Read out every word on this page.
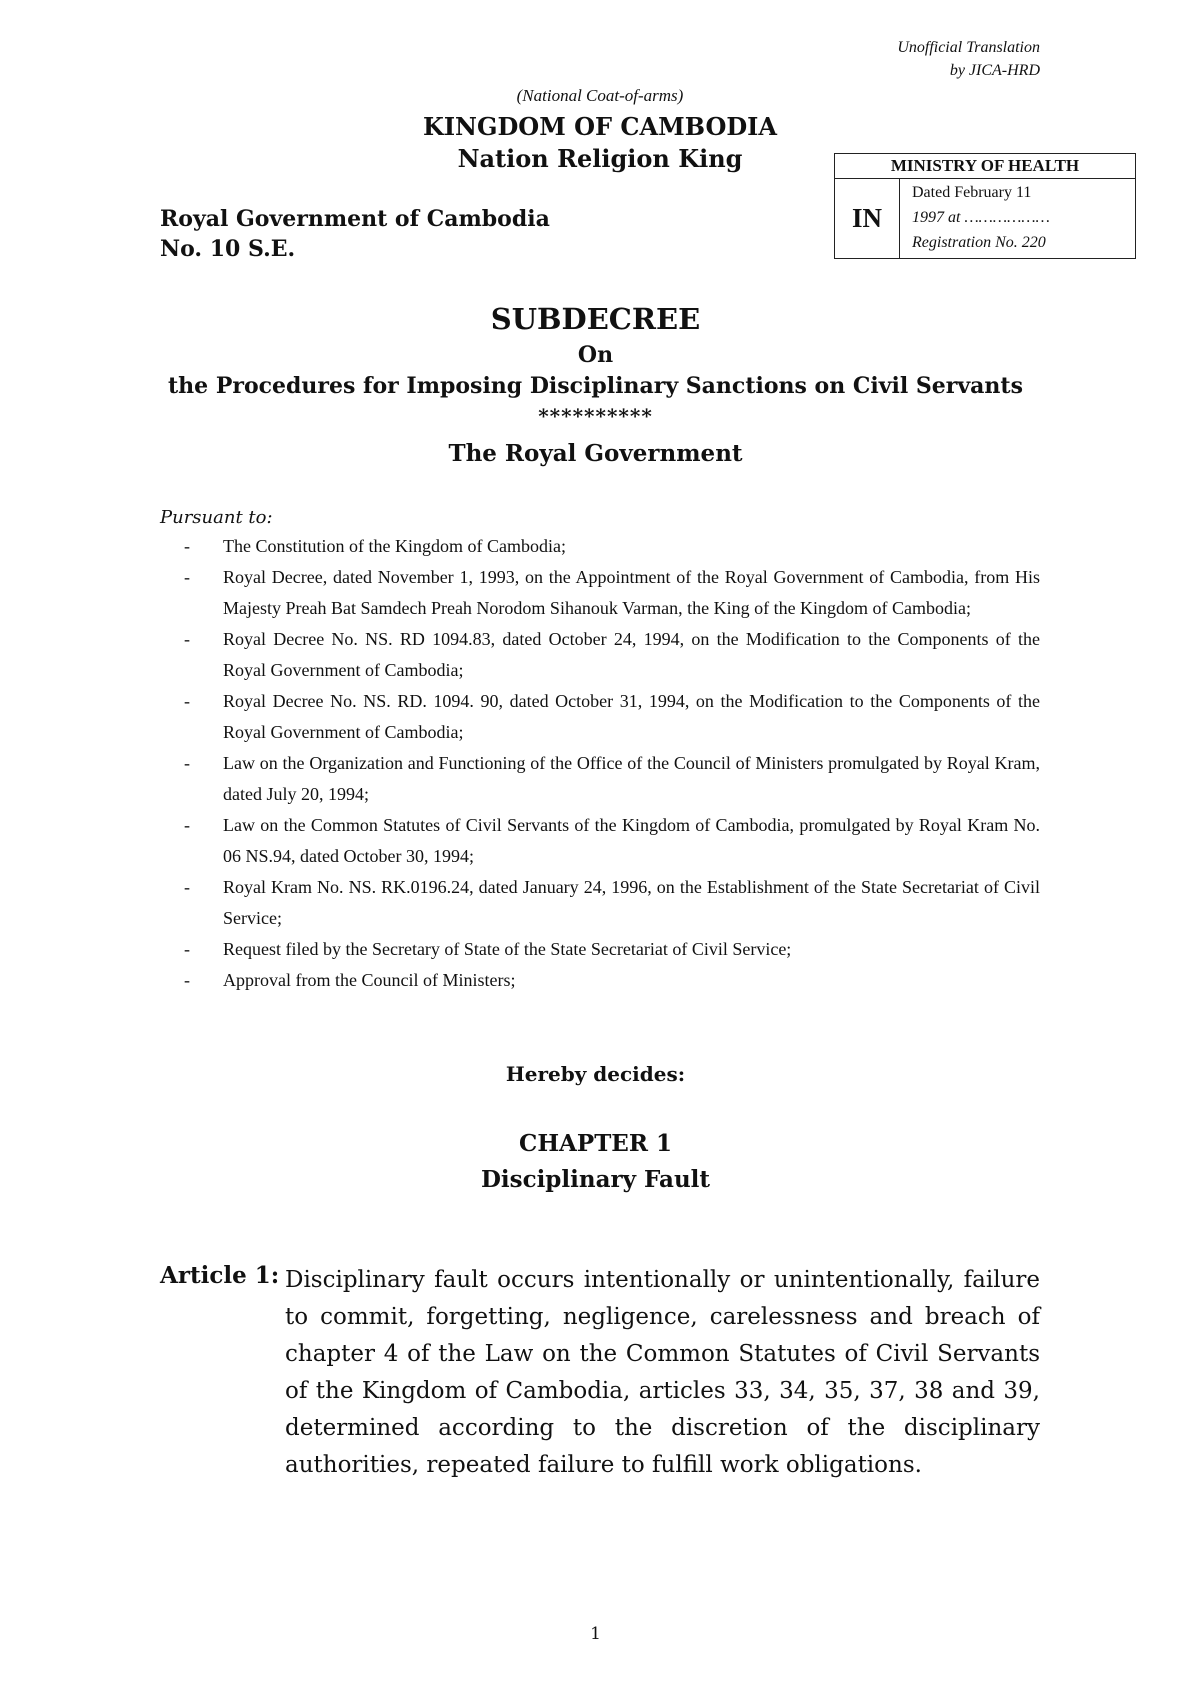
Unofficial Translation
by JICA-HRD
(National Coat-of-arms)
KINGDOM OF CAMBODIA
Nation Religion King	MINISTRY OF HEALTH
IN
Dated February 11
1997 at ………………
Registration No. 220
Royal Government of Cambodia
No. 10 S.E.
SUBDECREE
On
the Procedures for Imposing Disciplinary Sanctions on Civil Servants
**********
The Royal Government
Pursuant to:
- The Constitution of the Kingdom of Cambodia;
- Royal Decree, dated November 1, 1993, on the Appointment of the Royal Government of Cambodia, from His Majesty Preah Bat Samdech Preah Norodom Sihanouk Varman, the King of the Kingdom of Cambodia;
- Royal Decree No. NS. RD 1094.83, dated October 24, 1994, on the Modification to the Components of the Royal Government of Cambodia;
- Royal Decree No. NS. RD. 1094. 90, dated October 31, 1994, on the Modification to the Components of the Royal Government of Cambodia;
- Law on the Organization and Functioning of the Office of the Council of Ministers promulgated by Royal Kram, dated July 20, 1994;
- Law on the Common Statutes of Civil Servants of the Kingdom of Cambodia, promulgated by Royal Kram No. 06 NS.94, dated October 30, 1994;
- Royal Kram No. NS. RK.0196.24, dated January 24, 1996, on the Establishment of the State Secretariat of Civil Service;
- Request filed by the Secretary of State of the State Secretariat of Civil Service;
- Approval from the Council of Ministers;
Hereby decides:
CHAPTER 1
Disciplinary Fault
Article 1: Disciplinary fault occurs intentionally or unintentionally, failure to commit, forgetting, negligence, carelessness and breach of chapter 4 of the Law on the Common Statutes of Civil Servants of the Kingdom of Cambodia, articles 33, 34, 35, 37, 38 and 39, determined according to the discretion of the disciplinary authorities, repeated failure to fulfill work obligations.
1
